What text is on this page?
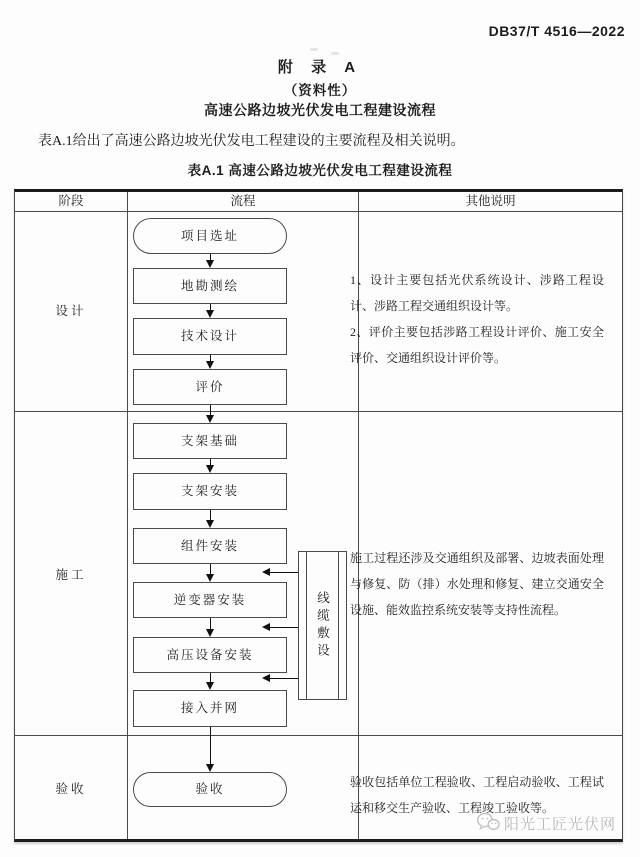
DB37/T 4516—2022
附 录 A
（资料性）
高速公路边坡光伏发电工程建设流程

表A.1给出了高速公路边坡光伏发电工程建设的主要流程及相关说明。

表A.1 高速公路边坡光伏发电工程建设流程
阶段	流程	其他说明
设计
施工
验收
项目选址
地勘测绘
技术设计
评价
支架基础
支架安装
组件安装
逆变器安装
高压设备安装
接入并网
验收
线缆敷设

1、设计主要包括光伏系统设计、涉路工程设计、涉路工程交通组织设计等。

2、评价主要包括涉路工程设计评价、施工安全评价、交通组织设计评价等。

施工过程还涉及交通组织及部署、边坡表面处理与修复、防（排）水处理和修复、建立交通安全设施、能效监控系统安装等支持性流程。

验收包括单位工程验收、工程启动验收、工程试运和移交生产验收、工程竣工验收等。

阳光工匠光伏网
